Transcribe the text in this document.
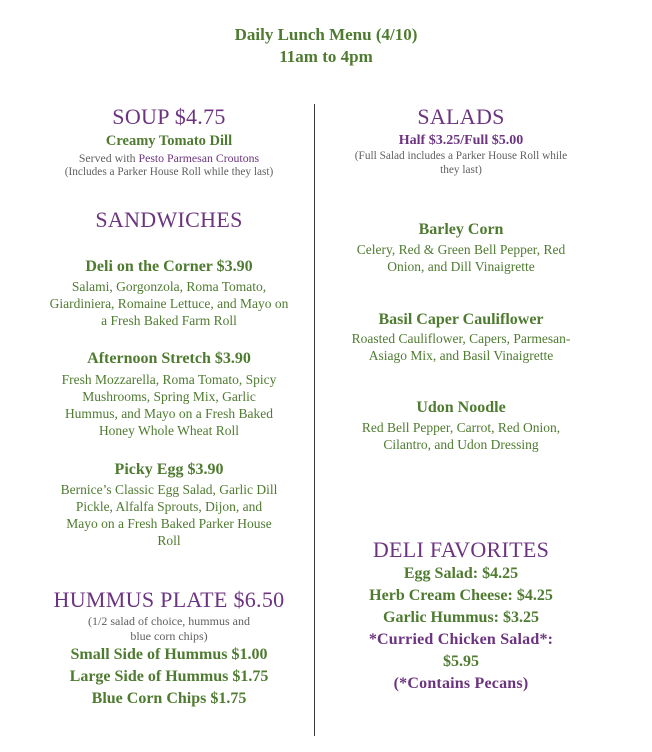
Daily Lunch Menu (4/10)
11am to 4pm
SOUP $4.75
Creamy Tomato Dill
Served with Pesto Parmesan Croutons
(Includes a Parker House Roll while they last)
SANDWICHES
Deli on the Corner $3.90
Salami, Gorgonzola, Roma Tomato,
Giardiniera, Romaine Lettuce, and Mayo on
a Fresh Baked Farm Roll
Afternoon Stretch $3.90
Fresh Mozzarella, Roma Tomato, Spicy
Mushrooms, Spring Mix, Garlic
Hummus, and Mayo on a Fresh Baked
Honey Whole Wheat Roll
Picky Egg $3.90
Bernice’s Classic Egg Salad, Garlic Dill
Pickle, Alfalfa Sprouts, Dijon, and
Mayo on a Fresh Baked Parker House
Roll
HUMMUS PLATE $6.50
(1/2 salad of choice, hummus and
blue corn chips)
Small Side of Hummus $1.00
Large Side of Hummus $1.75
Blue Corn Chips $1.75
SALADS
Half $3.25/Full $5.00
(Full Salad includes a Parker House Roll while
they last)
Barley Corn
Celery, Red & Green Bell Pepper, Red
Onion, and Dill Vinaigrette
Basil Caper Cauliflower
Roasted Cauliflower, Capers, Parmesan-
Asiago Mix, and Basil Vinaigrette
Udon Noodle
Red Bell Pepper, Carrot, Red Onion,
Cilantro, and Udon Dressing
DELI FAVORITES
Egg Salad: $4.25
Herb Cream Cheese: $4.25
Garlic Hummus: $3.25
*Curried Chicken Salad*:
$5.95
(*Contains Pecans)
